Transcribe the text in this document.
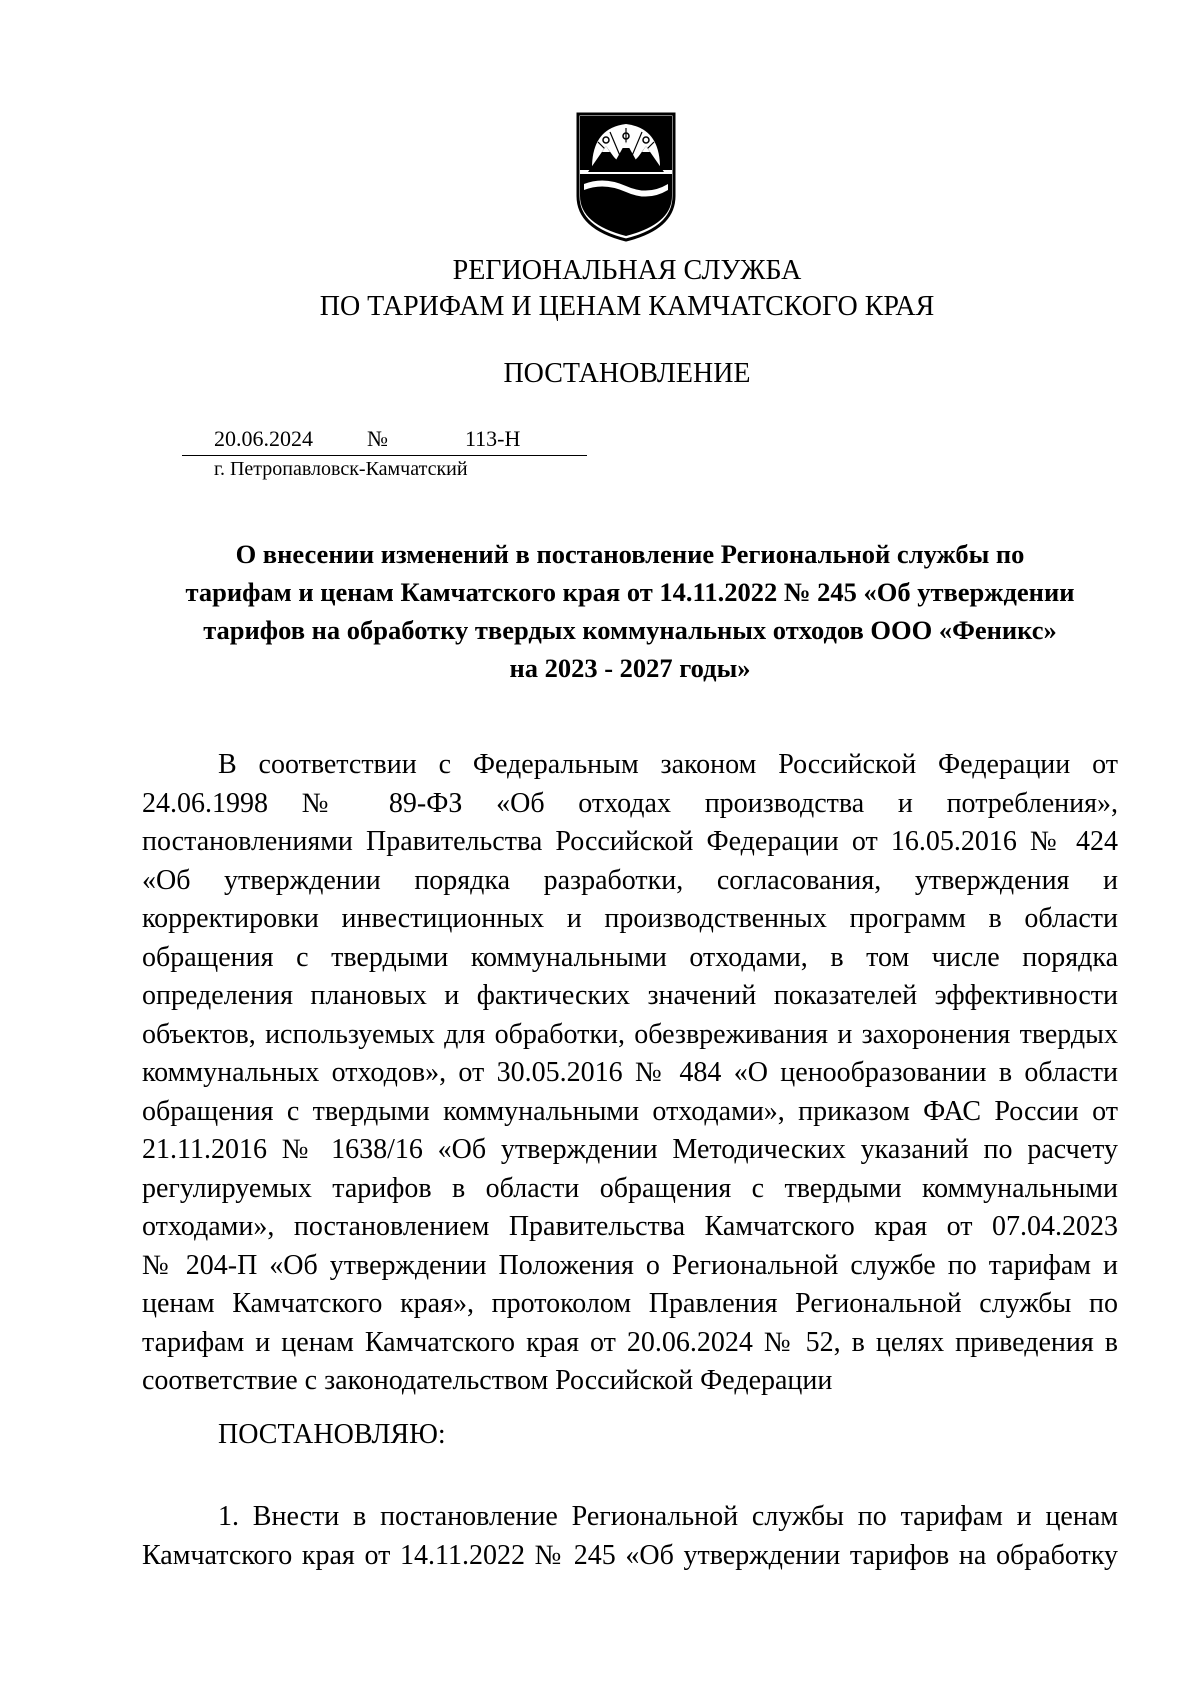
РЕГИОНАЛЬНАЯ СЛУЖБА
ПО ТАРИФАМ И ЦЕНАМ КАМЧАТСКОГО КРАЯ
ПОСТАНОВЛЕНИЕ
20.06.2024 №	113-Н
г. Петропавловск-Камчатский
О внесении изменений в постановление Региональной службы по
тарифам и ценам Камчатского края от 14.11.2022 № 245 «Об утверждении
тарифов на обработку твердых коммунальных отходов ООО «Феникс»
на 2023 - 2027 годы»
В соответствии с Федеральным законом Российской Федерации от
24.06.1998 № 89-ФЗ «Об отходах производства и потребления»,
постановлениями Правительства Российской Федерации от 16.05.2016 № 424
«Об утверждении порядка разработки, согласования, утверждения и
корректировки инвестиционных и производственных программ в области
обращения с твердыми коммунальными отходами, в том числе порядка
определения плановых и фактических значений показателей эффективности
объектов, используемых для обработки, обезвреживания и захоронения твердых
коммунальных отходов», от 30.05.2016 № 484 «О ценообразовании в области
обращения с твердыми коммунальными отходами», приказом ФАС России от
21.11.2016 № 1638/16 «Об утверждении Методических указаний по расчету
регулируемых тарифов в области обращения с твердыми коммунальными
отходами», постановлением Правительства Камчатского края от 07.04.2023
№ 204-П «Об утверждении Положения о Региональной службе по тарифам и
ценам Камчатского края», протоколом Правления Региональной службы по
тарифам и ценам Камчатского края от 20.06.2024 № 52, в целях приведения в
соответствие с законодательством Российской Федерации
ПОСТАНОВЛЯЮ:
1. Внести в постановление Региональной службы по тарифам и ценам
Камчатского края от 14.11.2022 № 245 «Об утверждении тарифов на обработку
